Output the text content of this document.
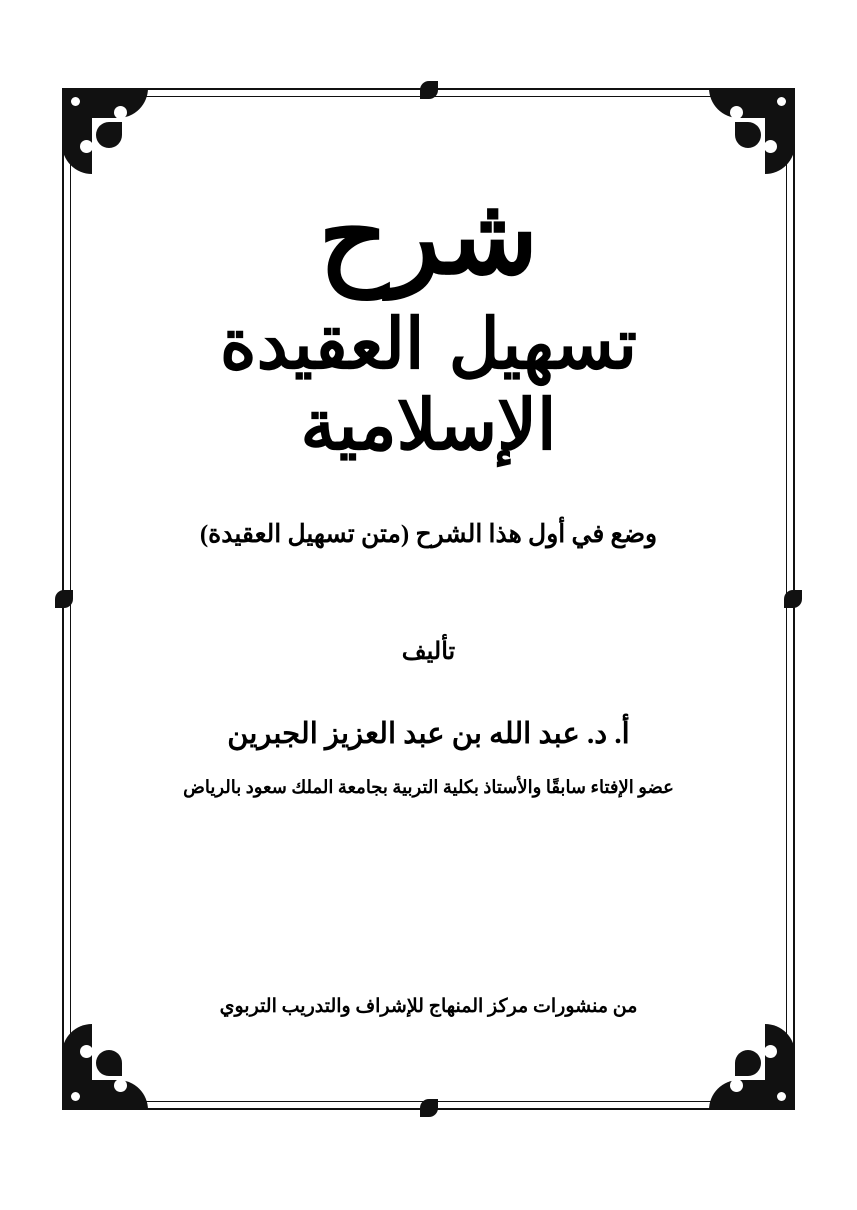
شرح
تسهيل العقيدة الإسلامية
وضع في أول هذا الشرح (متن تسهيل العقيدة)
تأليف
أ. د. عبد الله بن عبد العزيز الجبرين
عضو الإفتاء سابقًا والأستاذ بكلية التربية بجامعة الملك سعود بالرياض
من منشورات مركز المنهاج للإشراف والتدريب التربوي
